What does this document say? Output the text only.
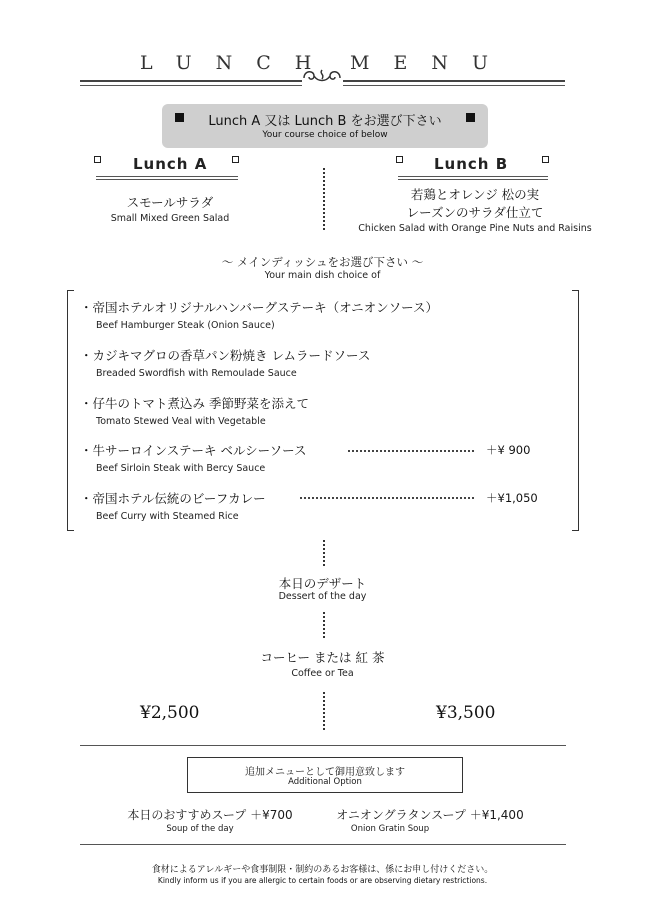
LUNCH MENU
Lunch A 又は Lunch B をお選び下さい
Your course choice of below
Lunch A	Lunch B
スモールサラダ
Small Mixed Green Salad
若鶏とオレンジ 松の実
レーズンのサラダ仕立て
Chicken Salad with Orange Pine Nuts and Raisins
～ メインディッシュをお選び下さい ～
Your main dish choice of
・帝国ホテルオリジナルハンバーグステーキ（オニオンソース）
Beef Hamburger Steak (Onion Sauce)
・カジキマグロの香草パン粉焼き レムラードソース
Breaded Swordfish with Remoulade Sauce
・仔牛のトマト煮込み 季節野菜を添えて
Tomato Stewed Veal with Vegetable
・牛サーロインステーキ ベルシーソース
Beef Sirloin Steak with Bercy Sauce
＋¥ 900
・帝国ホテル伝統のビーフカレー
Beef Curry with Steamed Rice
＋¥1,050
本日のデザート
Dessert of the day
コーヒー または 紅 茶
Coffee or Tea
¥2,500	¥3,500
追加メニューとして御用意致します
Additional Option
本日のおすすめスープ ＋¥700
Soup of the day
オニオングラタンスープ ＋¥1,400
Onion Gratin Soup
食材によるアレルギーや食事制限・制約のあるお客様は、係にお申し付けください。
Kindly inform us if you are allergic to certain foods or are observing dietary restrictions.
